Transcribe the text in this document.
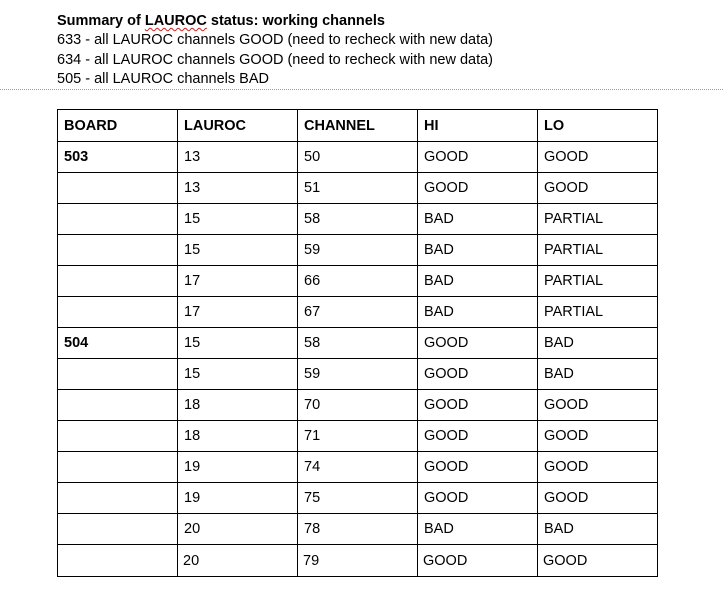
Summary of LAUROC status: working channels
633 - all LAUROC channels GOOD (need to recheck with new data)
634 - all LAUROC channels GOOD (need to recheck with new data)
505 - all LAUROC channels BAD
BOARD	LAUROC	CHANNEL	HI	LO
503	13	50	GOOD	GOOD
	13	51	GOOD	GOOD
	15	58	BAD	PARTIAL
	15	59	BAD	PARTIAL
	17	66	BAD	PARTIAL
	17	67	BAD	PARTIAL
504	15	58	GOOD	BAD
	15	59	GOOD	BAD
	18	70	GOOD	GOOD
	18	71	GOOD	GOOD
	19	74	GOOD	GOOD
	19	75	GOOD	GOOD
	20	78	BAD	BAD
	20	79	GOOD	GOOD
